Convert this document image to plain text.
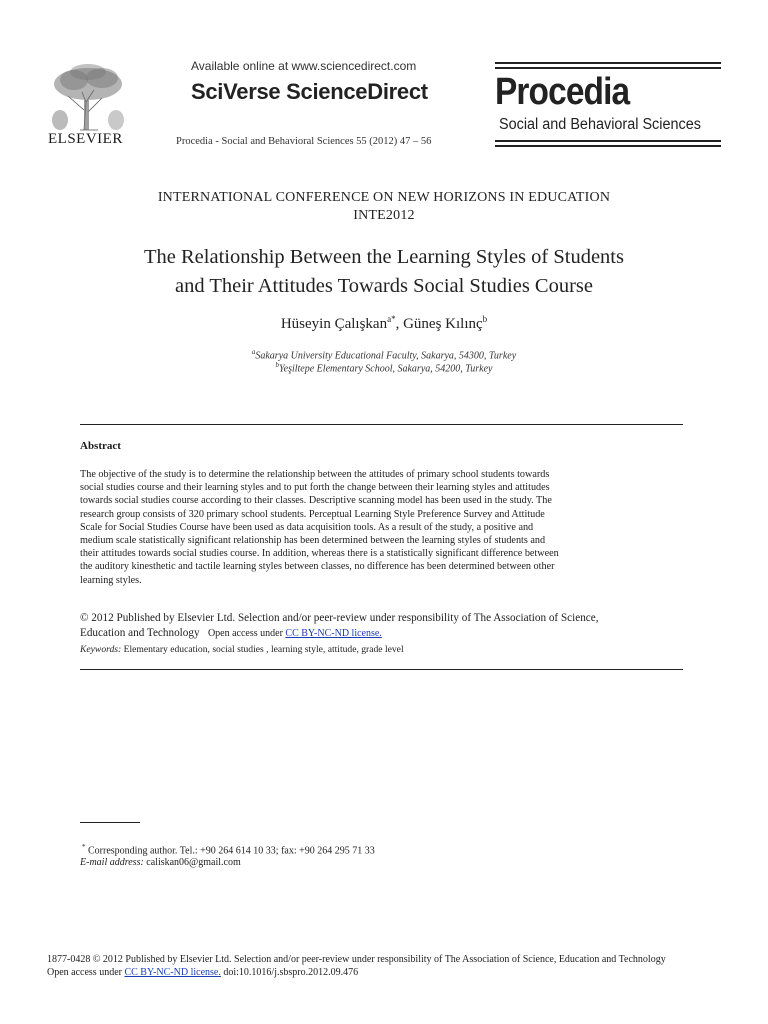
ELSEVIER
Available online at www.sciencedirect.com
SciVerse ScienceDirect
Procedia - Social and Behavioral Sciences 55 (2012) 47 – 56
Procedia
Social and Behavioral Sciences
INTERNATIONAL CONFERENCE ON NEW HORIZONS IN EDUCATION
INTE2012
The Relationship Between the Learning Styles of Students
and Their Attitudes Towards Social Studies Course
Hüseyin Çalışkan$^{a*}$, Güneş Kılınç$^b$
$^a$Sakarya University Educational Faculty, Sakarya, 54300, Turkey
$^b$Yeşiltepe Elementary School, Sakarya, 54200, Turkey
Abstract
The objective of the study is to determine the relationship between the attitudes of primary school students towards
social studies course and their learning styles and to put forth the change between their learning styles and attitudes
towards social studies course according to their classes. Descriptive scanning model has been used in the study. The
research group consists of 320 primary school students. Perceptual Learning Style Preference Survey and Attitude
Scale for Social Studies Course have been used as data acquisition tools. As a result of the study, a positive and
medium scale statistically significant relationship has been determined between the learning styles of students and
their attitudes towards social studies course. In addition, whereas there is a statistically significant difference between
the auditory kinesthetic and tactile learning styles between classes, no difference has been determined between other
learning styles.
© 2012 Published by Elsevier Ltd. Selection and/or peer-review under responsibility of The Association of Science,
Education and Technology Open access under CC BY-NC-ND license.
Keywords: Elementary education, social studies , learning style, attitude, grade level
* Corresponding author. Tel.: +90 264 614 10 33; fax: +90 264 295 71 33
E-mail address: caliskan06@gmail.com
1877-0428 © 2012 Published by Elsevier Ltd. Selection and/or peer-review under responsibility of The Association of Science, Education and Technology
Open access under CC BY-NC-ND license. doi:10.1016/j.sbspro.2012.09.476
